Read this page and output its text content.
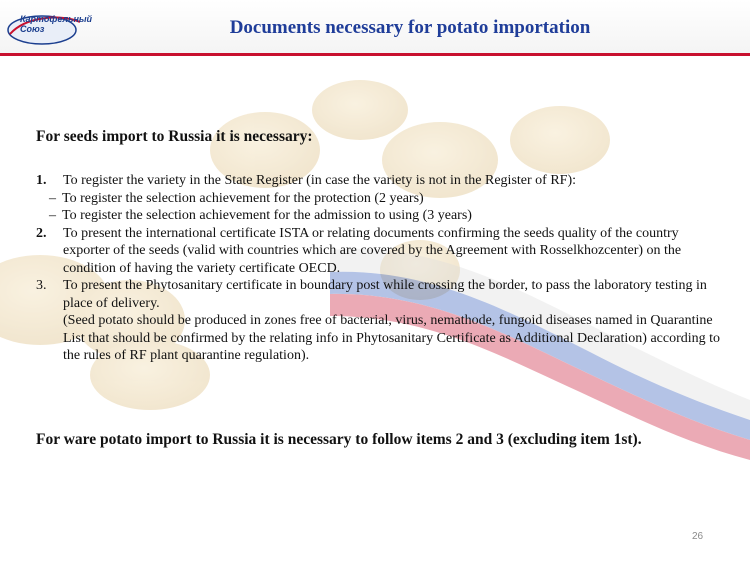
Картофельный
Союз	Documents necessary for potato importation
For seeds import to Russia it is necessary:
1. To register the variety in the State Register (in case the variety is not in the Register of RF):
– To register the selection achievement for the protection (2 years)
– To register the selection achievement for the admission to using (3 years)
2. To present the international certificate ISTA or relating documents confirming the seeds quality of the country exporter of the seeds (valid with countries which are covered by the Agreement with Rosselkhozcenter) on the condition of having the variety certificate OECD.
3. To present the Phytosanitary certificate in boundary post while crossing the border, to pass the laboratory testing in place of delivery.
(Seed potato should be produced in zones free of bacterial, virus, nemathode, fungoid diseases named in Quarantine List that should be confirmed by the relating info in Phytosanitary Certificate as Additional Declaration) according to the rules of RF plant quarantine regulation).
For ware potato import to Russia it is necessary to follow items 2 and 3 (excluding item 1st).
26
